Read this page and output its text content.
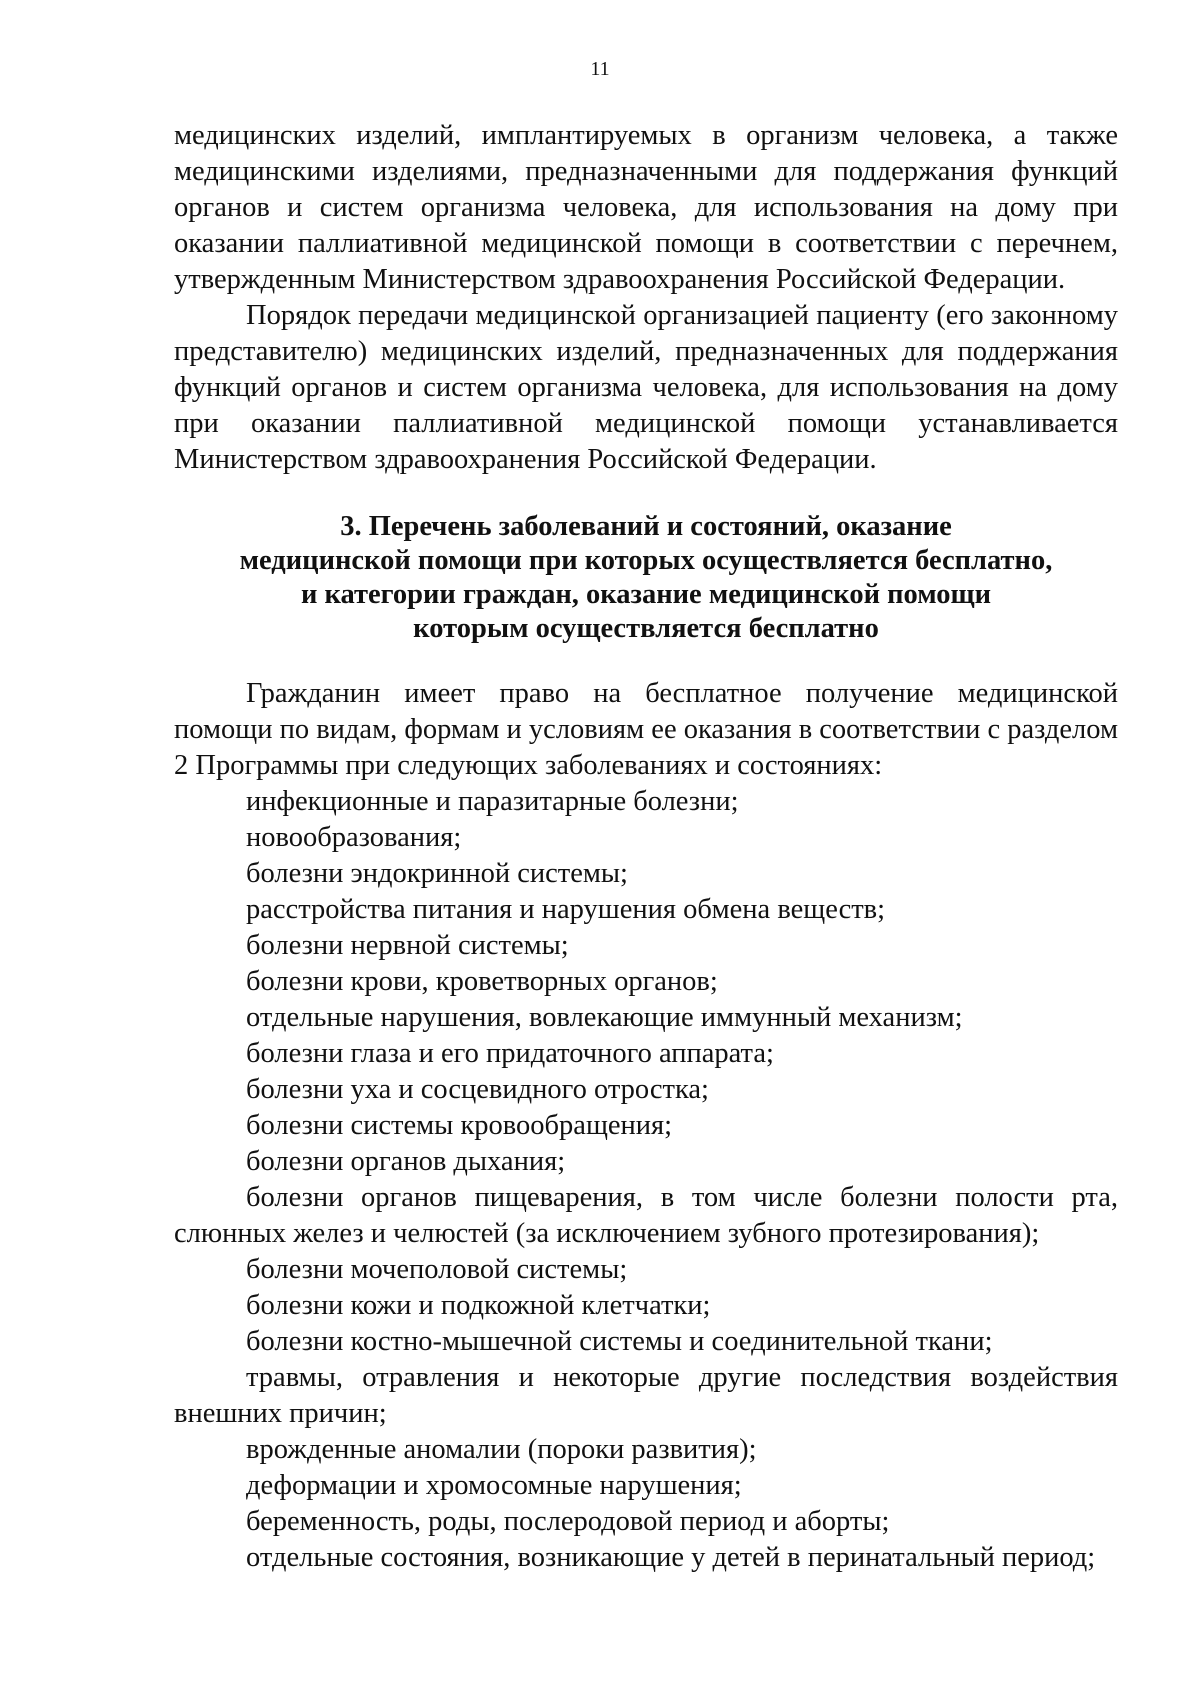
11

медицинских изделий, имплантируемых в организм человека, а также медицинскими изделиями, предназначенными для поддержания функций органов и систем организма человека, для использования на дому при оказании паллиативной медицинской помощи в соответствии с перечнем, утвержденным Министерством здравоохранения Российской Федерации.

Порядок передачи медицинской организацией пациенту (его законному представителю) медицинских изделий, предназначенных для поддержания функций органов и систем организма человека, для использования на дому при оказании паллиативной медицинской помощи устанавливается Министерством здравоохранения Российской Федерации.

3. Перечень заболеваний и состояний, оказание
медицинской помощи при которых осуществляется бесплатно,
и категории граждан, оказание медицинской помощи
которым осуществляется бесплатно

Гражданин имеет право на бесплатное получение медицинской помощи по видам, формам и условиям ее оказания в соответствии с разделом 2 Программы при следующих заболеваниях и состояниях:

инфекционные и паразитарные болезни;

новообразования;

болезни эндокринной системы;

расстройства питания и нарушения обмена веществ;

болезни нервной системы;

болезни крови, кроветворных органов;

отдельные нарушения, вовлекающие иммунный механизм;

болезни глаза и его придаточного аппарата;

болезни уха и сосцевидного отростка;

болезни системы кровообращения;

болезни органов дыхания;

болезни органов пищеварения, в том числе болезни полости рта, слюнных желез и челюстей (за исключением зубного протезирования);

болезни мочеполовой системы;

болезни кожи и подкожной клетчатки;

болезни костно-мышечной системы и соединительной ткани;

травмы, отравления и некоторые другие последствия воздействия внешних причин;

врожденные аномалии (пороки развития);

деформации и хромосомные нарушения;

беременность, роды, послеродовой период и аборты;

отдельные состояния, возникающие у детей в перинатальный период;
